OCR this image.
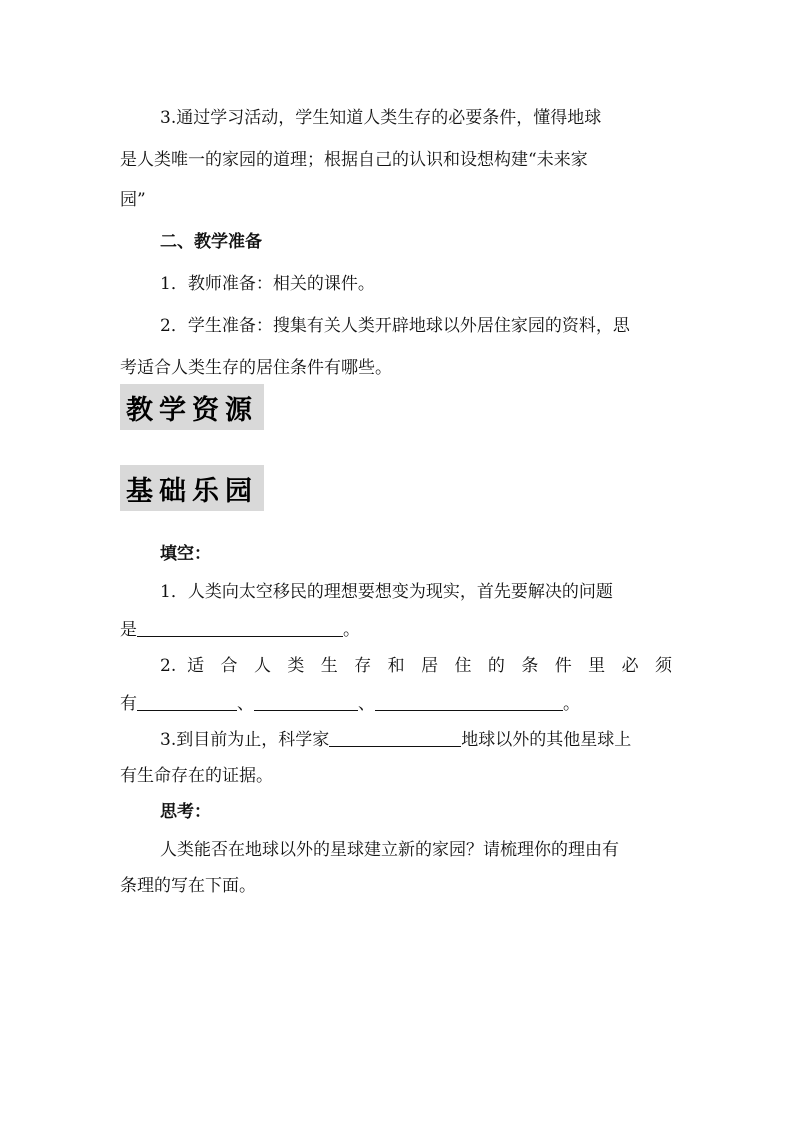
3.通过学习活动，学生知道人类生存的必要条件，懂得地球

是人类唯一的家园的道理；根据自己的认识和设想构建“未来家

园”

二、教学准备

1．教师准备：相关的课件。

2．学生准备：搜集有关人类开辟地球以外居住家园的资料，思

考适合人类生存的居住条件有哪些。

教学资源
基础乐园

填空：

1．人类向太空移民的理想要想变为现实，首先要解决的问题

是	。

2. 适 合 人 类 生 存 和 居 住 的 条 件 里 必 须

有	、	、	。

3.到目前为止，科学家	地球以外的其他星球上

有生命存在的证据。

思考：

人类能否在地球以外的星球建立新的家园？请梳理你的理由有

条理的写在下面。
